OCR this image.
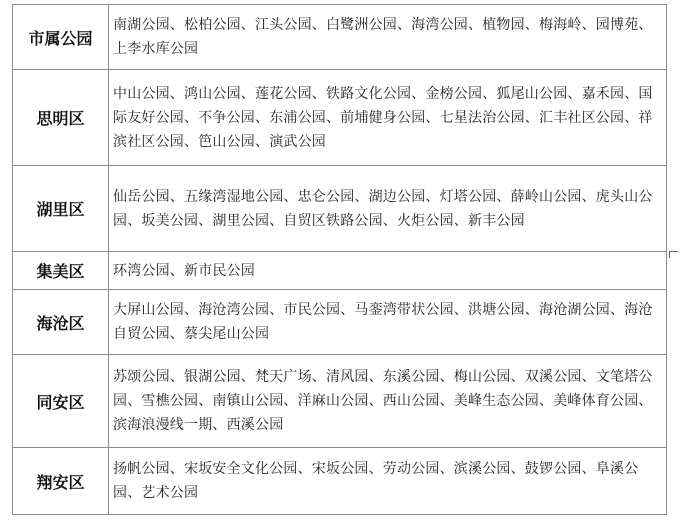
市属公园	南湖公园、松柏公园、江头公园、白鹭洲公园、海湾公园、植物园、梅海岭、园博苑、上李水库公园
思明区	中山公园、鸿山公园、莲花公园、铁路文化公园、金榜公园、狐尾山公园、嘉禾园、国际友好公园、不争公园、东浦公园、前埔健身公园、七星法治公园、汇丰社区公园、祥滨社区公园、笆山公园、演武公园
湖里区	仙岳公园、五缘湾湿地公园、忠仑公园、湖边公园、灯塔公园、薛岭山公园、虎头山公园、坂美公园、湖里公园、自贸区铁路公园、火炬公园、新丰公园
集美区	环湾公园、新市民公园
海沧区	大屏山公园、海沧湾公园、市民公园、马銮湾带状公园、洪塘公园、海沧湖公园、海沧自贸公园、蔡尖尾山公园
同安区	苏颂公园、银湖公园、梵天广场、清风园、东溪公园、梅山公园、双溪公园、文笔塔公园、雪樵公园、南镇山公园、洋麻山公园、西山公园、美峰生态公园、美峰体育公园、滨海浪漫线一期、西溪公园
翔安区	扬帆公园、宋坂安全文化公园、宋坂公园、劳动公园、滨溪公园、鼓锣公园、阜溪公园、艺术公园
